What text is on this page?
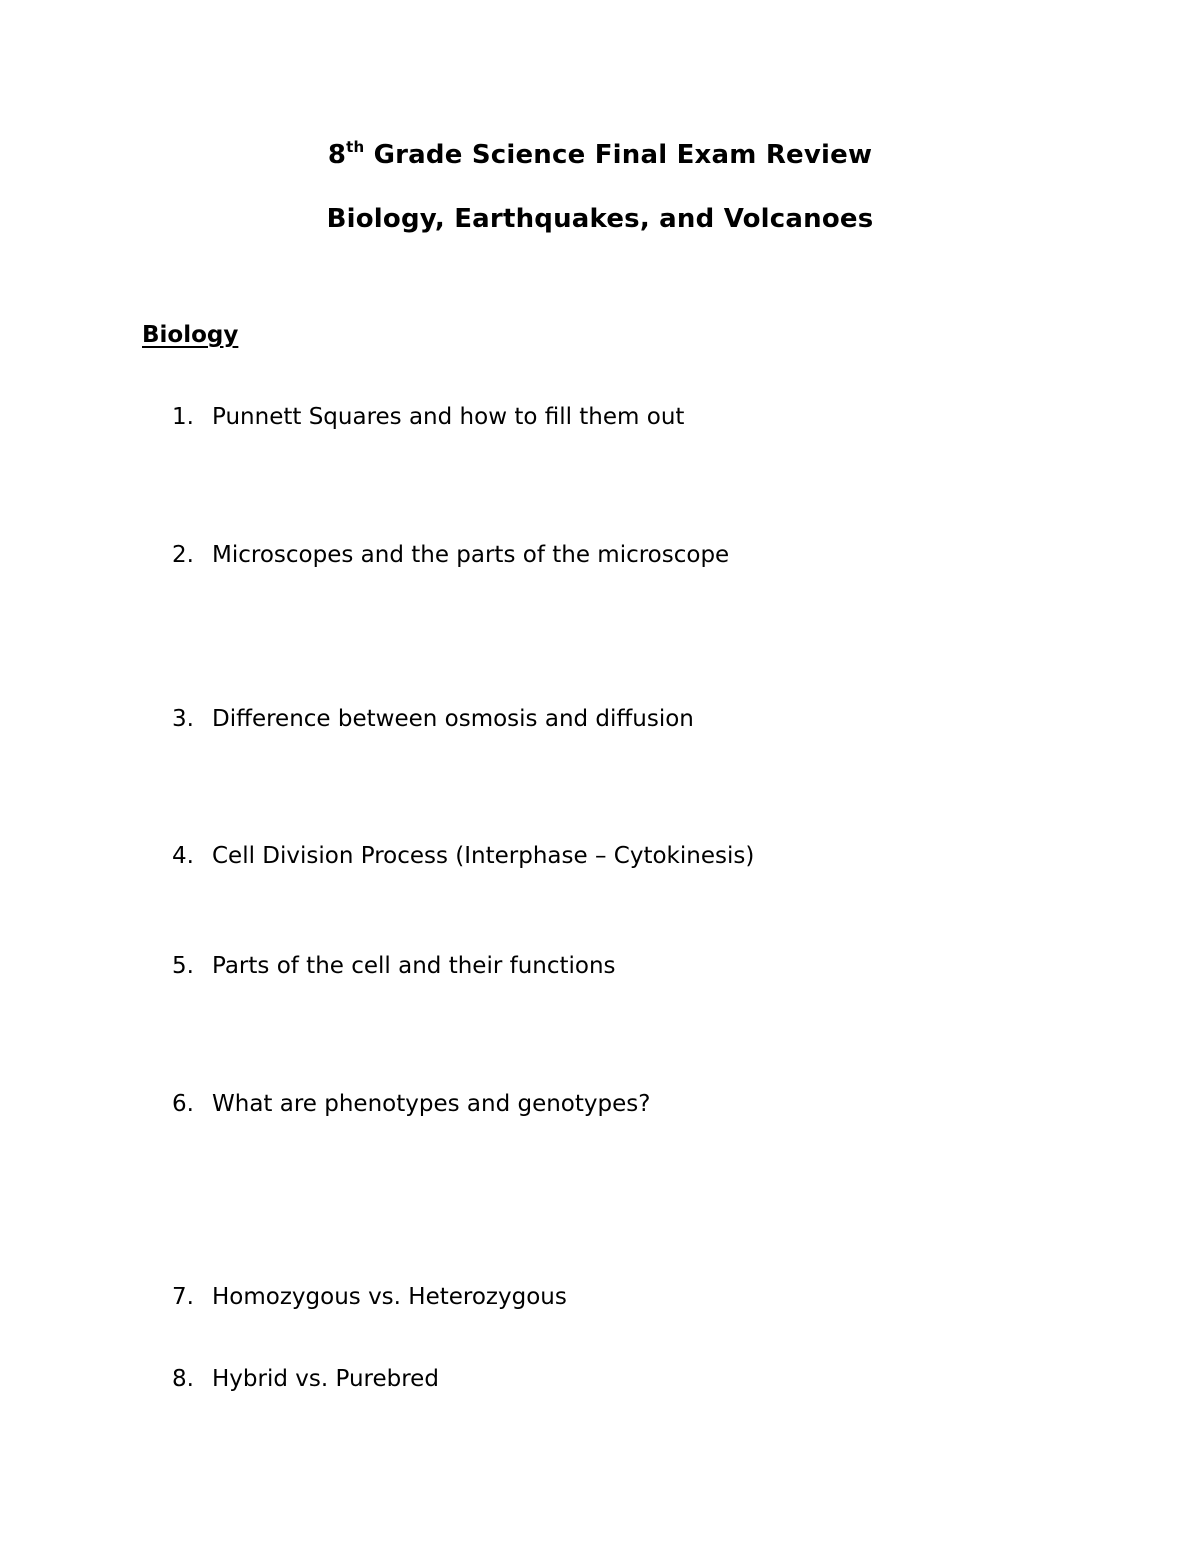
8th Grade Science Final Exam Review
Biology, Earthquakes, and Volcanoes
Biology
1. Punnett Squares and how to fill them out
2. Microscopes and the parts of the microscope
3. Difference between osmosis and diffusion
4. Cell Division Process (Interphase – Cytokinesis)
5. Parts of the cell and their functions
6. What are phenotypes and genotypes?
7. Homozygous vs. Heterozygous
8. Hybrid vs. Purebred
